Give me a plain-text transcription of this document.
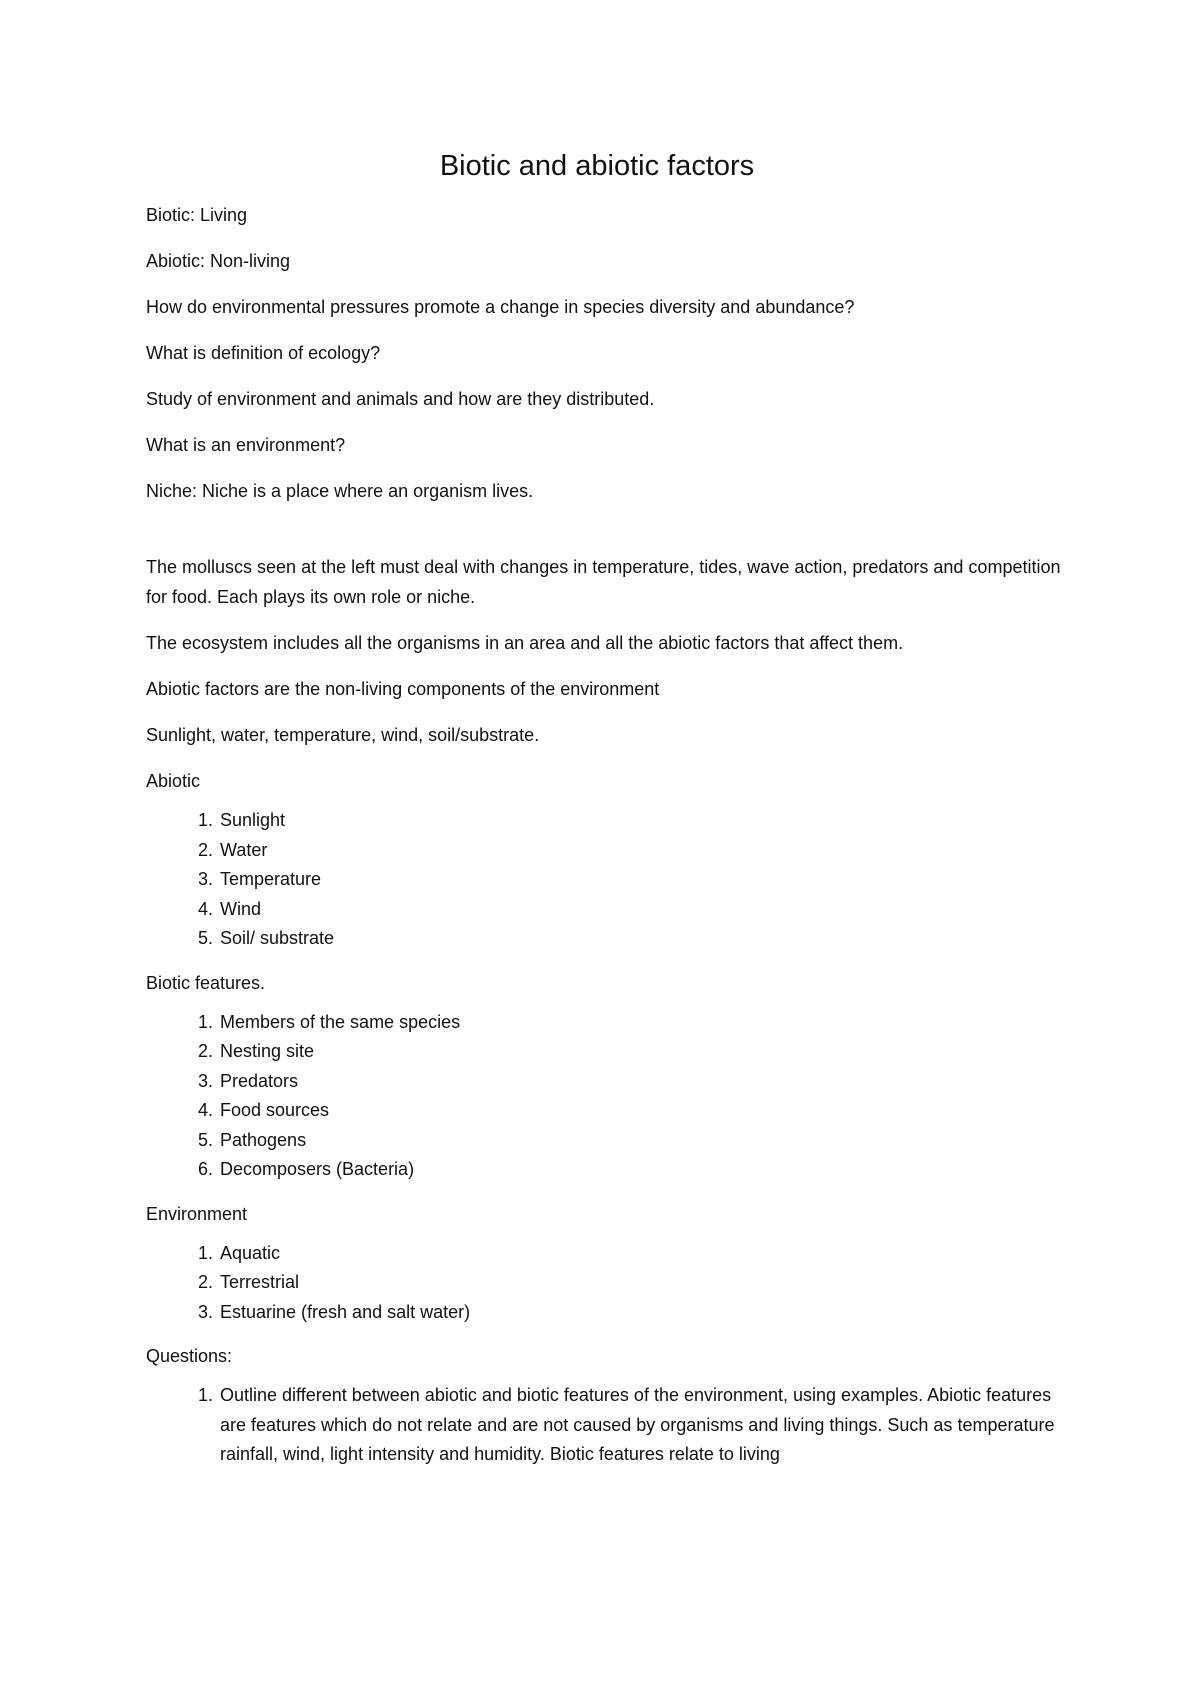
Biotic and abiotic factors

Biotic: Living

Abiotic: Non-living

How do environmental pressures promote a change in species diversity and abundance?

What is definition of ecology?

Study of environment and animals and how are they distributed.

What is an environment?

Niche: Niche is a place where an organism lives.

The molluscs seen at the left must deal with changes in temperature, tides, wave action, predators and competition for food. Each plays its own role or niche.

The ecosystem includes all the organisms in an area and all the abiotic factors that affect them.

Abiotic factors are the non-living components of the environment

Sunlight, water, temperature, wind, soil/substrate.

Abiotic

1. Sunlight
2. Water
3. Temperature
4. Wind
5. Soil/ substrate

Biotic features.

1. Members of the same species
2. Nesting site
3. Predators
4. Food sources
5. Pathogens
6. Decomposers (Bacteria)

Environment

1. Aquatic
2. Terrestrial
3. Estuarine (fresh and salt water)

Questions:

1. Outline different between abiotic and biotic features of the environment, using examples. Abiotic features are features which do not relate and are not caused by organisms and living things. Such as temperature rainfall, wind, light intensity and humidity. Biotic features relate to living
